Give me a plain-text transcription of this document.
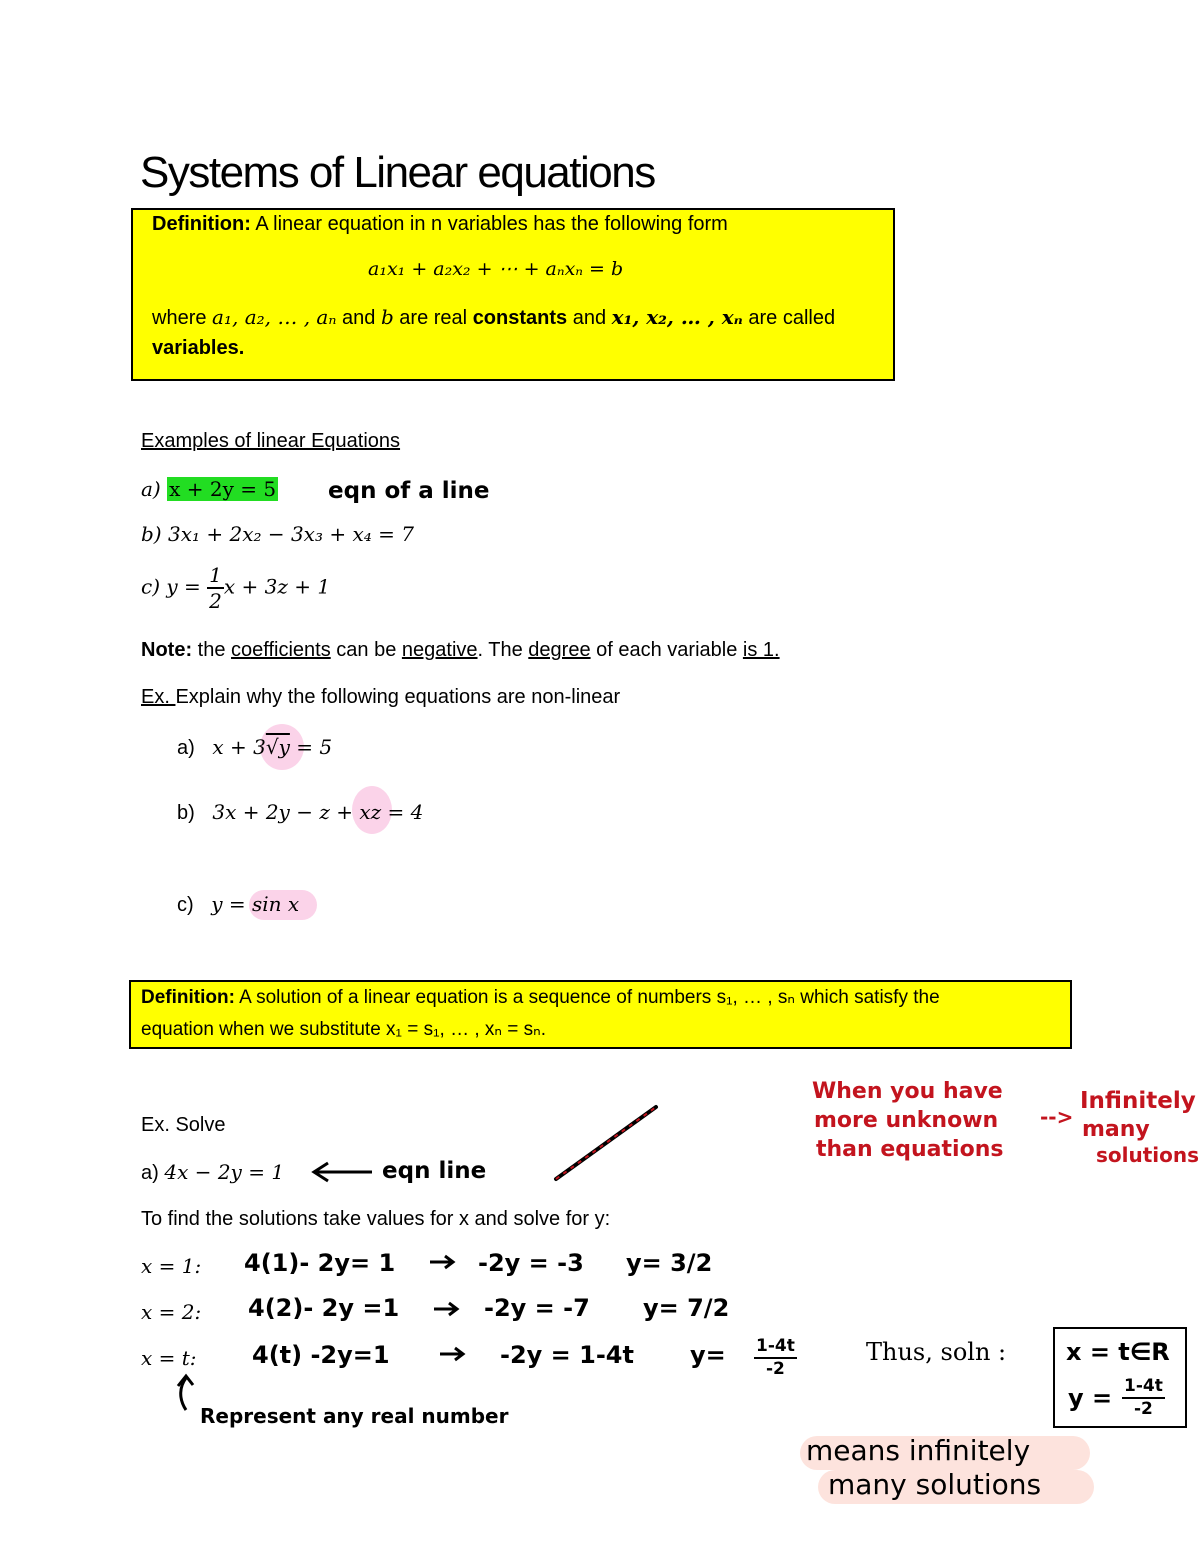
Systems of Linear equations
Definition: A linear equation in n variables has the following form
a₁x₁ + a₂x₂ + ⋯ + aₙxₙ = b
where a₁, a₂, … , aₙ and b are real constants and x₁, x₂, … , xₙ are called
variables.
Examples of linear Equations
a) x + 2y = 5 eqn of a line
b) 3x₁ + 2x₂ − 3x₃ + x₄ = 7
c) $y = \frac{1}{2}$ x + 3z + 1
Note: the coefficients can be negative. The degree of each variable is 1.
Ex. Explain why the following equations are non-linear
a) x + 3√y = 5
b) 3x + 2y − z + xz = 4
c) y = sin x
Definition: A solution of a linear equation is a sequence of numbers s₁, … , sₙ which satisfy the
equation when we substitute x₁ = s₁, … , xₙ = sₙ.
When you have
more unknown
than equations
-->
Infinitely
many
solutions
Ex. Solve
a) 4x − 2y = 1	eqn line
To find the solutions take values for x and solve for y:
x = 1: 4(1)- 2y= 1	-2y = -3 y= 3/2
x = 2: 4(2)- 2y =1	-2y = -7 y= 7/2
x = t: 4(t) -2y=1	-2y = 1-4t $y= \frac{1-4t}{-2}$	Thus, soln : x = t∈R
$y = \frac{1-4t}{-2}$
Represent any real number
means infinitely
many solutions
